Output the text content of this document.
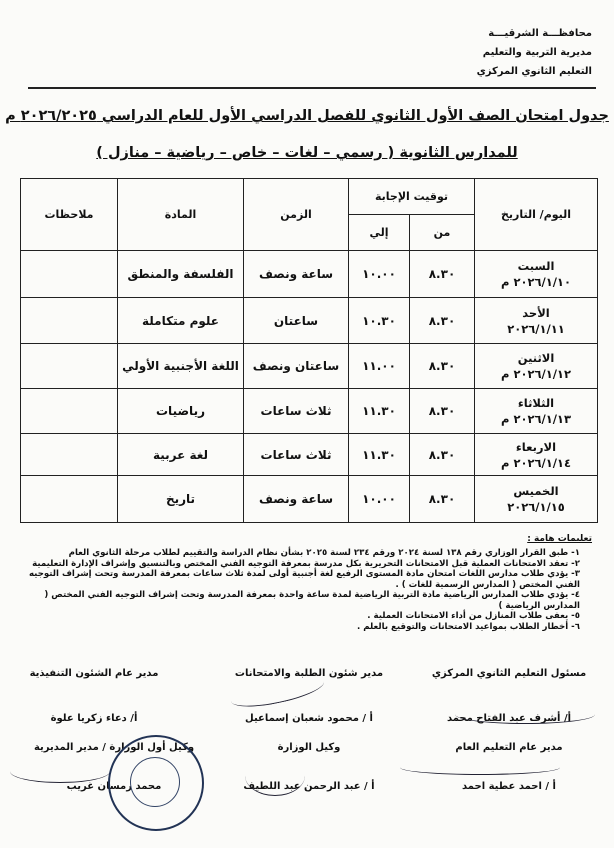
محافظـــة الشرقيـــة
مديرية التربية والتعليم
التعليم الثانوي المركزي
جدول امتحان الصف الأول الثانوي للفصل الدراسي الأول للعام الدراسي ٢٠٢٦/٢٠٢٥ م
للمدارس الثانوية ( رسمي – لغات – خاص – رياضية – منازل )
اليوم/ التاريخ	توقيت الإجابة		الزمن	المادة	ملاحظات
	من	إلي			

السبت
٢٠٢٦/١/١٠ م	٨.٣٠	١٠.٠٠	ساعة ونصف	الفلسفة والمنطق	

الأحد
٢٠٢٦/١/١١	٨.٣٠	١٠.٣٠	ساعتان	علوم متكاملة	

الاثنين
٢٠٢٦/١/١٢ م	٨.٣٠	١١.٠٠	ساعتان ونصف	اللغة الأجنبية الأولي	

الثلاثاء
٢٠٢٦/١/١٣ م	٨.٣٠	١١.٣٠	ثلاث ساعات	رياضيات	

الاربعاء
٢٠٢٦/١/١٤ م	٨.٣٠	١١.٣٠	ثلاث ساعات	لغة عربية	

الخميس
٢٠٢٦/١/١٥	٨.٣٠	١٠.٠٠	ساعة ونصف	تاريخ	
تعليمات هامة :
١- طبق القرار الوزاري رقم ١٣٨ لسنة ٢٠٢٤ ورقم ٢٣٤ لسنة ٢٠٢٥ بشأن نظام الدراسة والتقييم لطلاب مرحلة الثانوي العام
٢- تعقد الامتحانات العملية قبل الامتحانات التحريرية بكل مدرسة بمعرفة التوجيه الفني المختص وبالتنسيق وإشراف الإدارة التعليمية
٣- يؤدي طلاب مدارس اللغات امتحان مادة المستوى الرفيع لغة أجنبية أولى لمدة ثلاث ساعات بمعرفة المدرسة وتحت إشراف التوجيه الفني المختص ( المدارس الرسمية للغات ) .
٤- يؤدي طلاب المدارس الرياضية مادة التربية الرياضية لمدة ساعة واحدة بمعرفة المدرسة وتحت إشراف التوجيه الفني المختص ( المدارس الرياضية )
٥- يعفى طلاب المنازل من أداء الامتحانات العملية .
٦- أخطار الطلاب بمواعيد الامتحانات والتوقيع بالعلم .
مسئول التعليم الثانوي المركزي
أ/ أشرف عبد الفتاح محمد
مدير شئون الطلبة والامتحانات
أ / محمود شعبان إسماعيل
مدير عام الشئون التنفيذية
أ/ دعاء زكريا علوة
مدير عام التعليم العام
أ / احمد عطية احمد
وكيل الوزارة
أ / عبد الرحمن عبد اللطيف
وكيل أول الوزارة / مدير المديرية
محمد رمسان غريب
